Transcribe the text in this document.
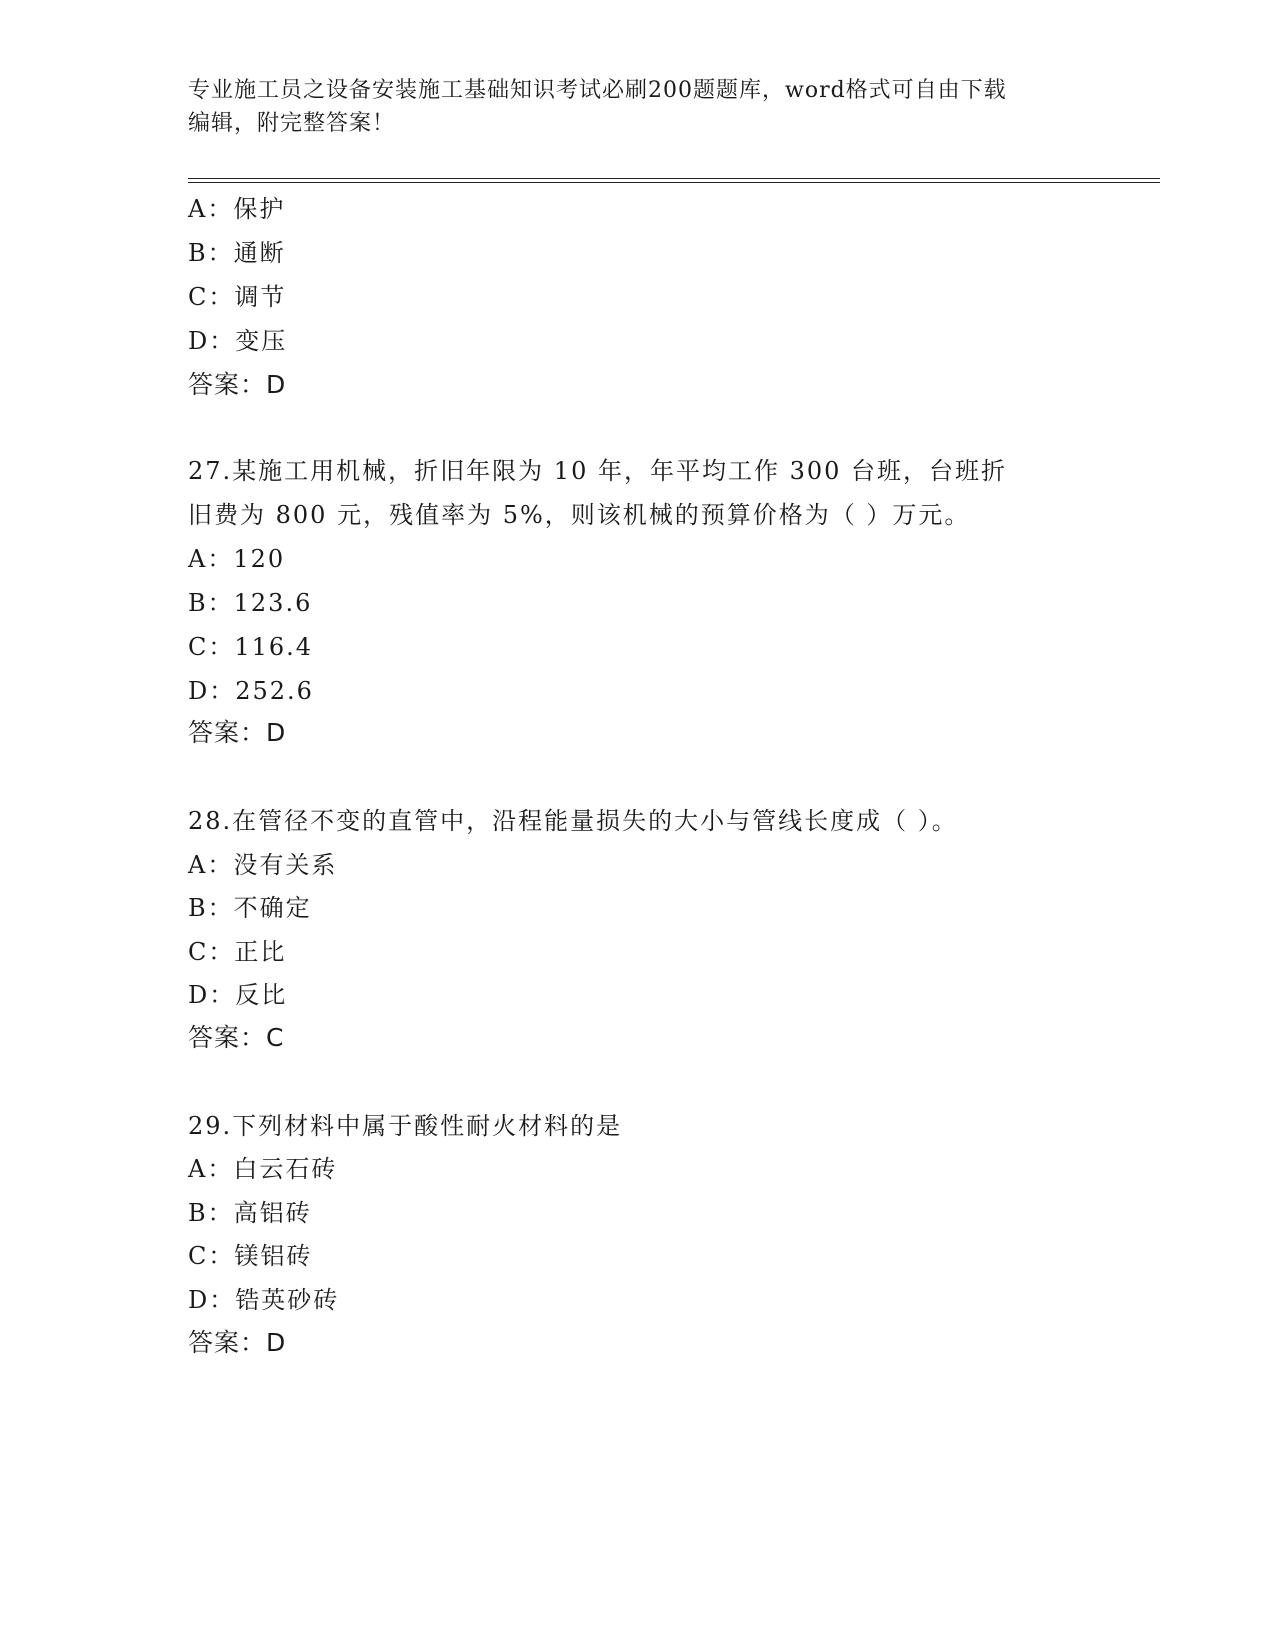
专业施工员之设备安装施工基础知识考试必刷200题题库，word格式可自由下载
编辑，附完整答案！
A：保护
B：通断
C：调节
D：变压
答案：D
27.某施工用机械，折旧年限为 10 年，年平均工作 300 台班，台班折
旧费为 800 元，残值率为 5%，则该机械的预算价格为（ ）万元。
A：120
B：123.6
C：116.4
D：252.6
答案：D
28.在管径不变的直管中，沿程能量损失的大小与管线长度成（ ）。
A：没有关系
B：不确定
C：正比
D：反比
答案：C
29.下列材料中属于酸性耐火材料的是
A：白云石砖
B：高铝砖
C：镁铝砖
D：锆英砂砖
答案：D
